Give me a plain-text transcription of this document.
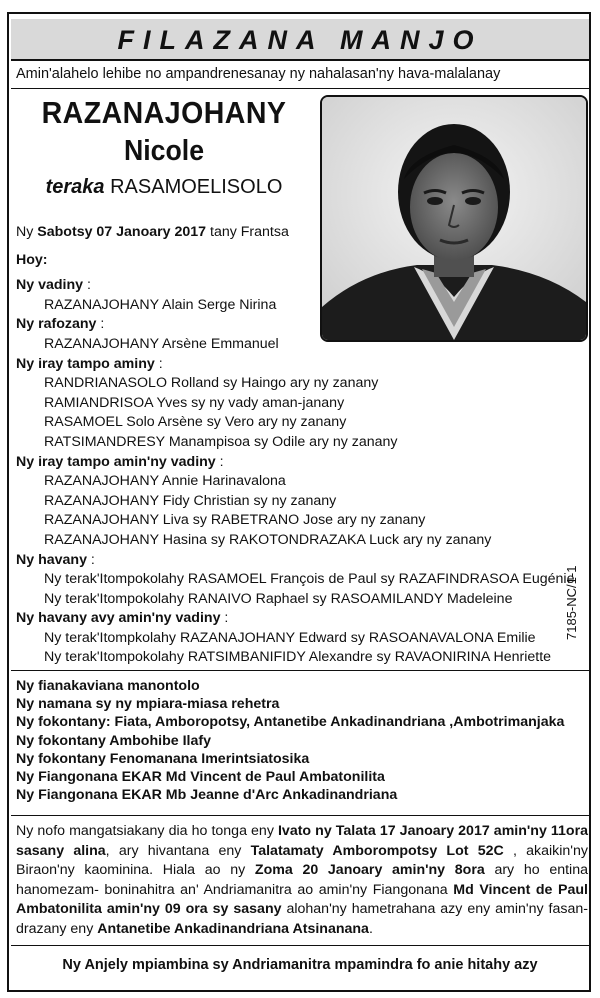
FILAZANA MANJO
Amin'alahelo lehibe no ampandrenesanay ny nahalasan'ny hava-malalanay
RAZANAJOHANY
Nicole
teraka RASAMOELISOLO
Ny Sabotsy 07 Janoary 2017 tany Frantsa
Hoy:
Ny vadiny :
RAZANAJOHANY Alain Serge Nirina
Ny rafozany :
RAZANAJOHANY Arsène Emmanuel
Ny iray tampo aminy :
RANDRIANASOLO Rolland sy Haingo ary ny zanany
RAMIANDRISOA Yves sy ny vady aman-janany
RASAMOEL Solo Arsène sy Vero ary ny zanany
RATSIMANDRESY Manampisoa sy Odile ary ny zanany
Ny iray tampo amin'ny vadiny :
RAZANAJOHANY Annie Harinavalona
RAZANAJOHANY Fidy Christian sy ny zanany
RAZANAJOHANY Liva sy RABETRANO Jose ary ny zanany
RAZANAJOHANY Hasina sy RAKOTONDRAZAKA Luck ary ny zanany
Ny havany :
Ny terak'Itompokolahy RASAMOEL François de Paul sy RAZAFINDRASOA Eugénie
Ny terak'Itompokolahy RANAIVO Raphael sy RASOAMILANDY Madeleine
Ny havany avy amin'ny vadiny :
Ny terak'Itompkolahy RAZANAJOHANY Edward sy RASOANAVALONA Emilie
Ny terak'Itompokolahy RATSIMBANIFIDY Alexandre sy RAVAONIRINA Henriette
7185-NC/1-1
Ny fianakaviana manontolo
Ny namana sy ny mpiara-miasa rehetra
Ny fokontany: Fiata, Amboropotsy, Antanetibe Ankadinandriana ,Ambotrimanjaka
Ny fokontany Ambohibe Ilafy
Ny fokontany Fenomanana Imerintsiatosika
Ny Fiangonana EKAR Md Vincent de Paul Ambatonilita
Ny Fiangonana EKAR Mb Jeanne d'Arc Ankadinandriana
Ny nofo mangatsiakany dia ho tonga eny Ivato ny Talata 17 Janoary 2017 amin'ny 11ora sasany alina, ary hivantana eny Talatamaty Amborompotsy Lot 52C , akaikin'ny Biraon'ny kaominina. Hiala ao ny Zoma 20 Janoary amin'ny 8ora ary ho entina hanomezam- boninahitra an' Andriamanitra ao amin'ny Fiangonana Md Vincent de Paul Ambatonilita amin'ny 09 ora sy sasany alohan'ny hametrahana azy eny amin'ny fasan-drazany eny Antanetibe Ankadinandriana Atsinanana.
Ny Anjely mpiambina sy Andriamanitra mpamindra fo anie hitahy azy
